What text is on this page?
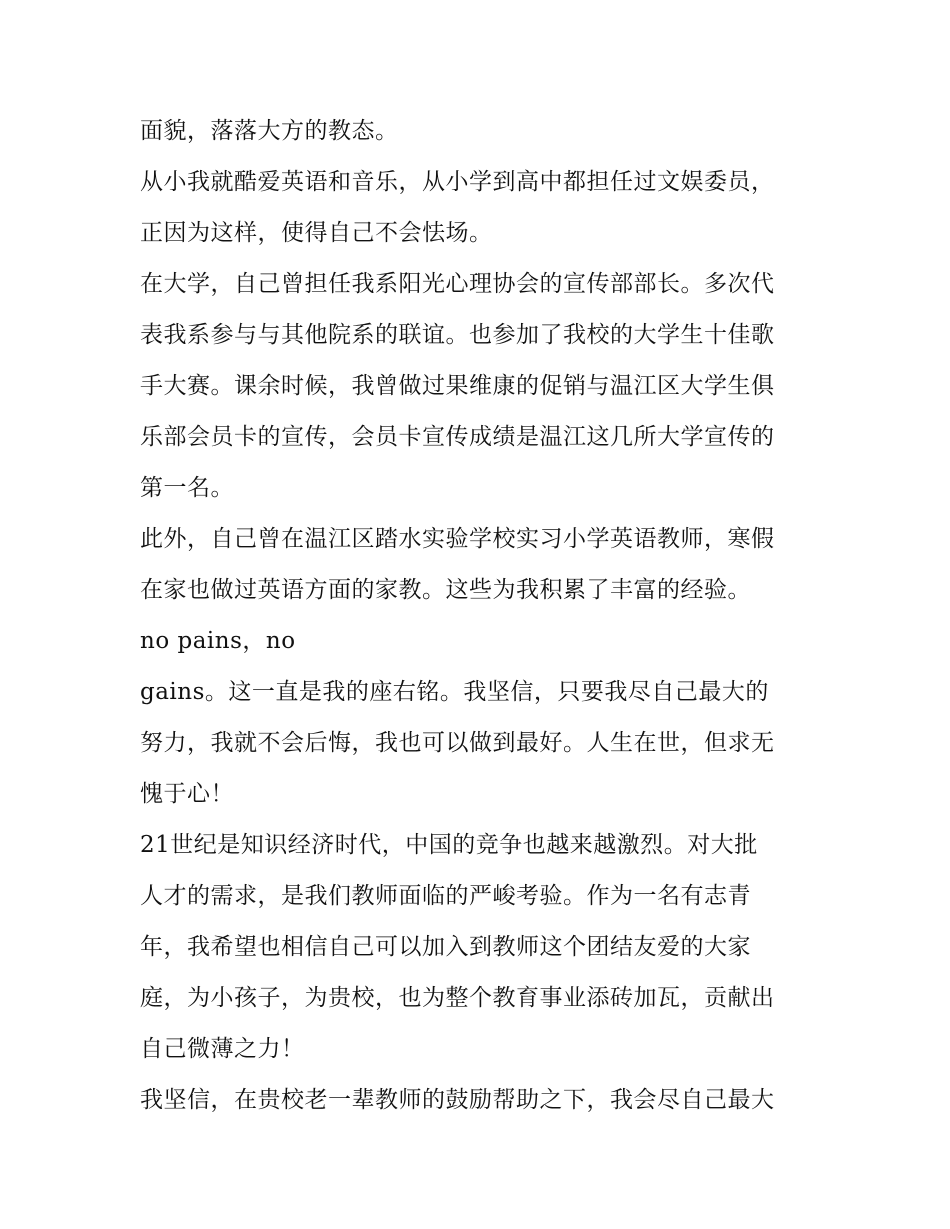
面貌，落落大方的教态。
从小我就酷爱英语和音乐，从小学到高中都担任过文娱委员，
正因为这样，使得自己不会怯场。
在大学，自己曾担任我系阳光心理协会的宣传部部长。多次代
表我系参与与其他院系的联谊。也参加了我校的大学生十佳歌
手大赛。课余时候，我曾做过果维康的促销与温江区大学生俱
乐部会员卡的宣传，会员卡宣传成绩是温江这几所大学宣传的
第一名。
此外，自己曾在温江区踏水实验学校实习小学英语教师，寒假
在家也做过英语方面的家教。这些为我积累了丰富的经验。
no pains，no
gains。这一直是我的座右铭。我坚信，只要我尽自己最大的
努力，我就不会后悔，我也可以做到最好。人生在世，但求无
愧于心！
21世纪是知识经济时代，中国的竞争也越来越激烈。对大批
人才的需求，是我们教师面临的严峻考验。作为一名有志青
年，我希望也相信自己可以加入到教师这个团结友爱的大家
庭，为小孩子，为贵校，也为整个教育事业添砖加瓦，贡献出
自己微薄之力！
我坚信，在贵校老一辈教师的鼓励帮助之下，我会尽自己最大
